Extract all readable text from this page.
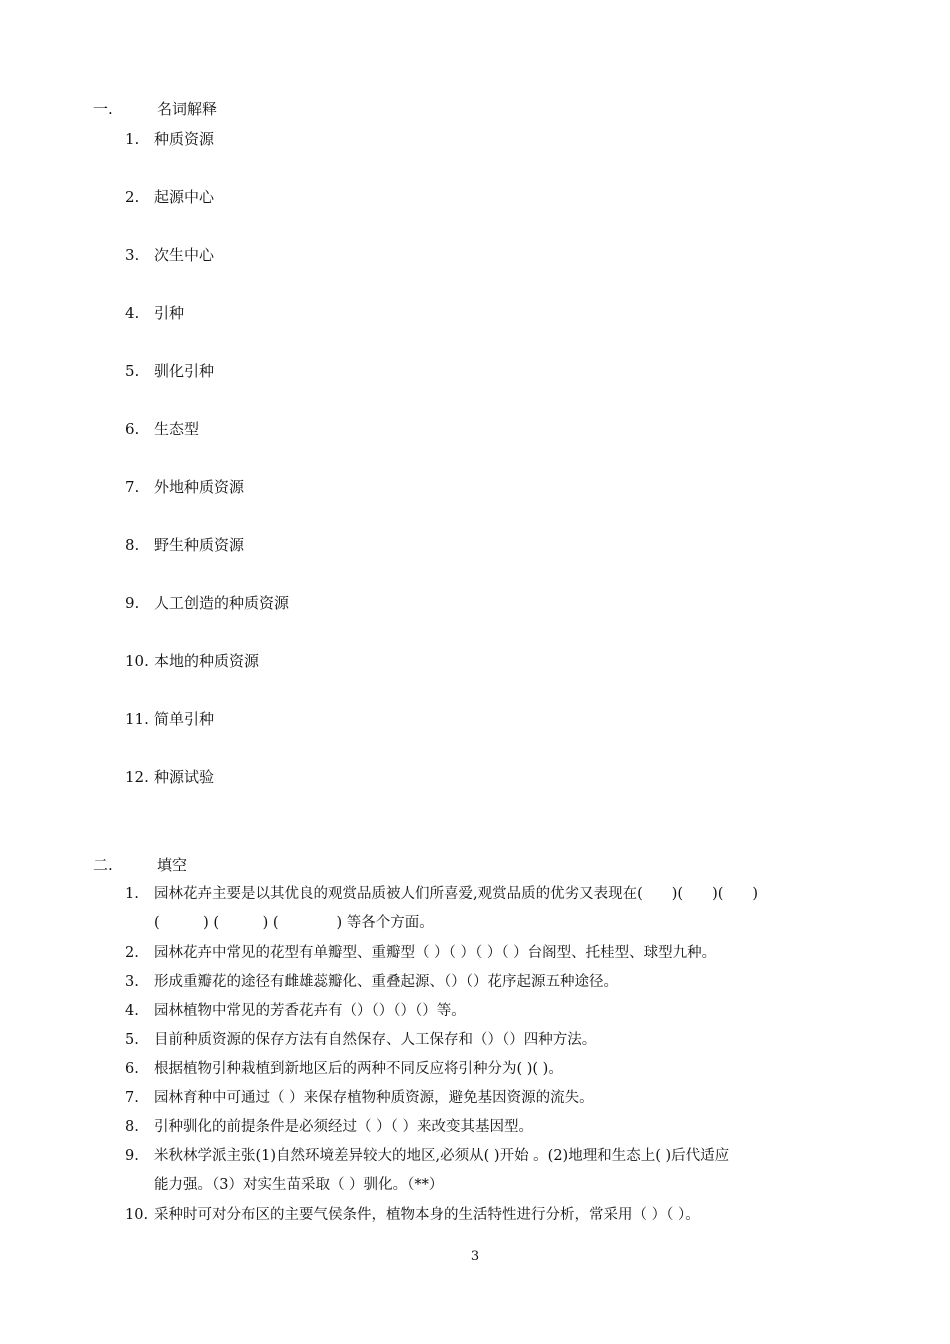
一.	名词解释
1. 种质资源
2. 起源中心
3. 次生中心
4. 引种
5. 驯化引种
6. 生态型
7. 外地种质资源
8. 野生种质资源
9. 人工创造的种质资源
10. 本地的种质资源
11. 简单引种
12. 种源试验
二.	填空
1.	园林花卉主要是以其优良的观赏品质被人们所喜爱,观赏品质的优劣又表现在(　　)(　　)(　　)
(　　　) (　　　) (　　　　) 等各个方面。
2.	园林花卉中常见的花型有单瓣型、重瓣型（ ）（ ）（ ）（ ）台阁型、托桂型、球型九种。
3.	形成重瓣花的途径有雌雄蕊瓣化、重叠起源、（）（）花序起源五种途径。
4.	园林植物中常见的芳香花卉有（）（）（）（）等。
5.	目前种质资源的保存方法有自然保存、人工保存和（）（）四种方法。
6.	根据植物引种栽植到新地区后的两种不同反应将引种分为( )( )。
7.	园林育种中可通过（ ）来保存植物种质资源，避免基因资源的流失。
8.	引种驯化的前提条件是必须经过（ ）（ ）来改变其基因型。
9.	米秋林学派主张(1)自然环境差异较大的地区,必须从( )开始 。(2)地理和生态上( )后代适应
能力强。（3）对实生苗采取（ ）驯化。（**）
10. 采种时可对分布区的主要气侯条件，植物本身的生活特性进行分析，常采用（ ）（ ）。
3
